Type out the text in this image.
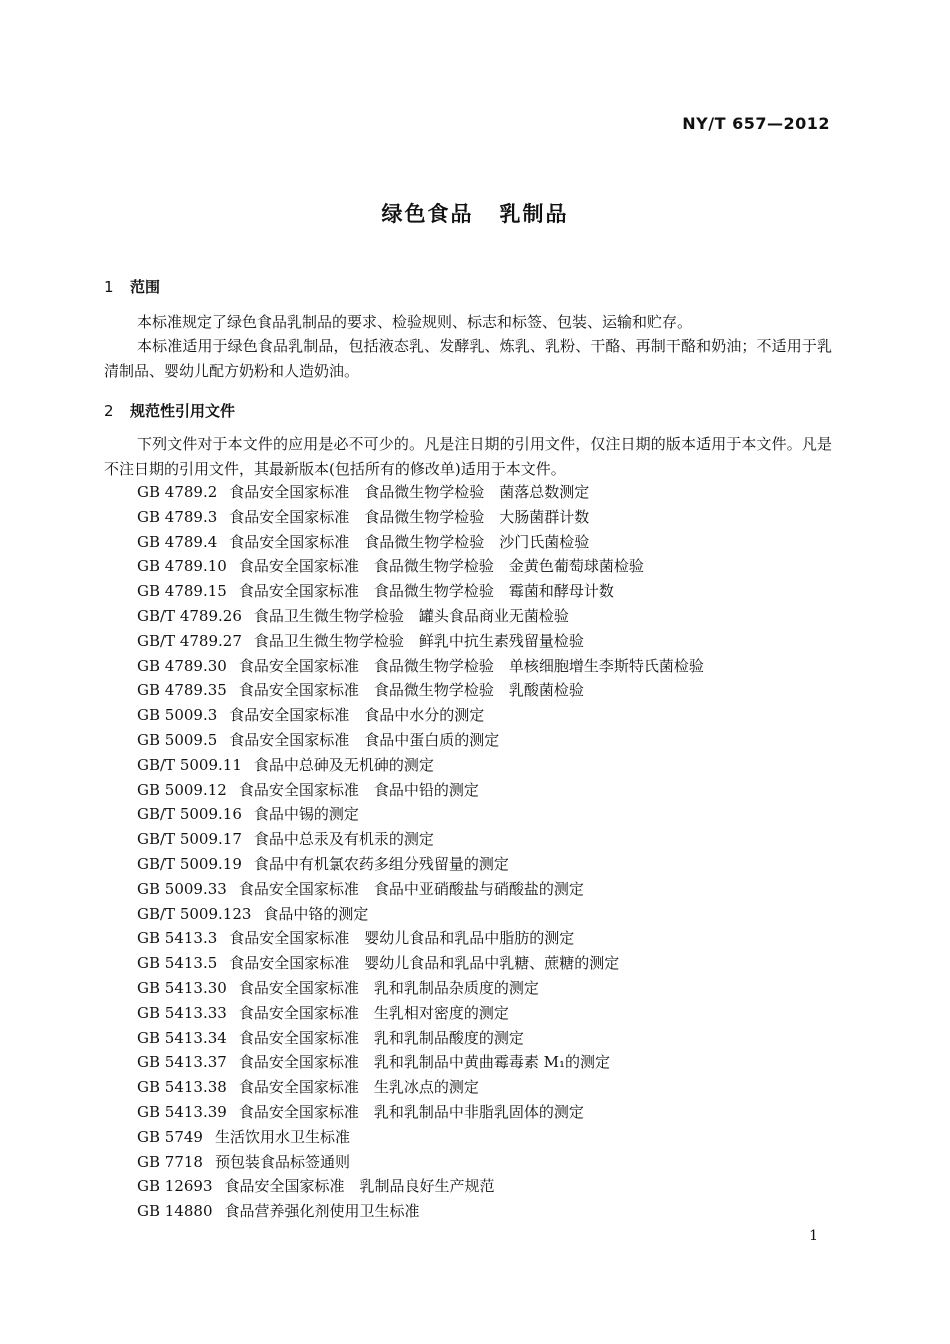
NY/T 657—2012
绿色食品 乳制品
1 范围

本标准规定了绿色食品乳制品的要求、检验规则、标志和标签、包装、运输和贮存。

本标准适用于绿色食品乳制品，包括液态乳、发酵乳、炼乳、乳粉、干酪、再制干酪和奶油；不适用于乳清制品、婴幼儿配方奶粉和人造奶油。

2 规范性引用文件

下列文件对于本文件的应用是必不可少的。凡是注日期的引用文件，仅注日期的版本适用于本文件。凡是不注日期的引用文件，其最新版本(包括所有的修改单)适用于本文件。

GB 4789.2 食品安全国家标准　食品微生物学检验　菌落总数测定
GB 4789.3 食品安全国家标准　食品微生物学检验　大肠菌群计数
GB 4789.4 食品安全国家标准　食品微生物学检验　沙门氏菌检验
GB 4789.10 食品安全国家标准　食品微生物学检验　金黄色葡萄球菌检验
GB 4789.15 食品安全国家标准　食品微生物学检验　霉菌和酵母计数
GB/T 4789.26 食品卫生微生物学检验　罐头食品商业无菌检验
GB/T 4789.27 食品卫生微生物学检验　鲜乳中抗生素残留量检验
GB 4789.30 食品安全国家标准　食品微生物学检验　单核细胞增生李斯特氏菌检验
GB 4789.35 食品安全国家标准　食品微生物学检验　乳酸菌检验
GB 5009.3 食品安全国家标准　食品中水分的测定
GB 5009.5 食品安全国家标准　食品中蛋白质的测定
GB/T 5009.11 食品中总砷及无机砷的测定
GB 5009.12 食品安全国家标准　食品中铅的测定
GB/T 5009.16 食品中锡的测定
GB/T 5009.17 食品中总汞及有机汞的测定
GB/T 5009.19 食品中有机氯农药多组分残留量的测定
GB 5009.33 食品安全国家标准　食品中亚硝酸盐与硝酸盐的测定
GB/T 5009.123 食品中铬的测定
GB 5413.3 食品安全国家标准　婴幼儿食品和乳品中脂肪的测定
GB 5413.5 食品安全国家标准　婴幼儿食品和乳品中乳糖、蔗糖的测定
GB 5413.30 食品安全国家标准　乳和乳制品杂质度的测定
GB 5413.33 食品安全国家标准　生乳相对密度的测定
GB 5413.34 食品安全国家标准　乳和乳制品酸度的测定
GB 5413.37 食品安全国家标准　乳和乳制品中黄曲霉毒素 M₁的测定
GB 5413.38 食品安全国家标准　生乳冰点的测定
GB 5413.39 食品安全国家标准　乳和乳制品中非脂乳固体的测定
GB 5749 生活饮用水卫生标准
GB 7718 预包装食品标签通则
GB 12693 食品安全国家标准　乳制品良好生产规范
GB 14880 食品营养强化剂使用卫生标准
1
